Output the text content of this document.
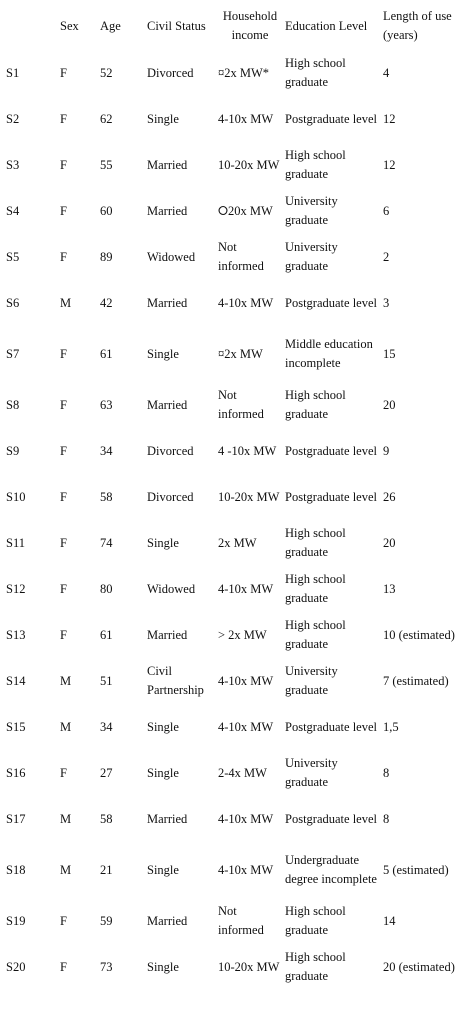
	Sex	Age	Civil Status	Household income	Education Level	Length of use (years)
S1	F	52	Divorced	¤2x MW*	High school graduate	4
S2	F	62	Single	4-10x MW	Postgraduate level	12
S3	F	55	Married	10-20x MW	High school graduate	12
S4	F	60	Married	⭘20x MW	University graduate	6
S5	F	89	Widowed	Not informed	University graduate	2
S6	M	42	Married	4-10x MW	Postgraduate level	3
S7	F	61	Single	¤2x MW	Middle education incomplete	15
S8	F	63	Married	Not informed	High school graduate	20
S9	F	34	Divorced	4 -10x MW	Postgraduate level	9
S10	F	58	Divorced	10-20x MW	Postgraduate level	26
S11	F	74	Single	2x MW	High school graduate	20
S12	F	80	Widowed	4-10x MW	High school graduate	13
S13	F	61	Married	> 2x MW	High school graduate	10 (estimated)
S14	M	51	Civil Partnership	4-10x MW	University graduate	7 (estimated)
S15	M	34	Single	4-10x MW	Postgraduate level	1,5
S16	F	27	Single	2-4x MW	University graduate	8
S17	M	58	Married	4-10x MW	Postgraduate level	8
S18	M	21	Single	4-10x MW	Undergraduate degree incomplete	5 (estimated)
S19	F	59	Married	Not informed	High school graduate	14
S20	F	73	Single	10-20x MW	High school graduate	20 (estimated)
